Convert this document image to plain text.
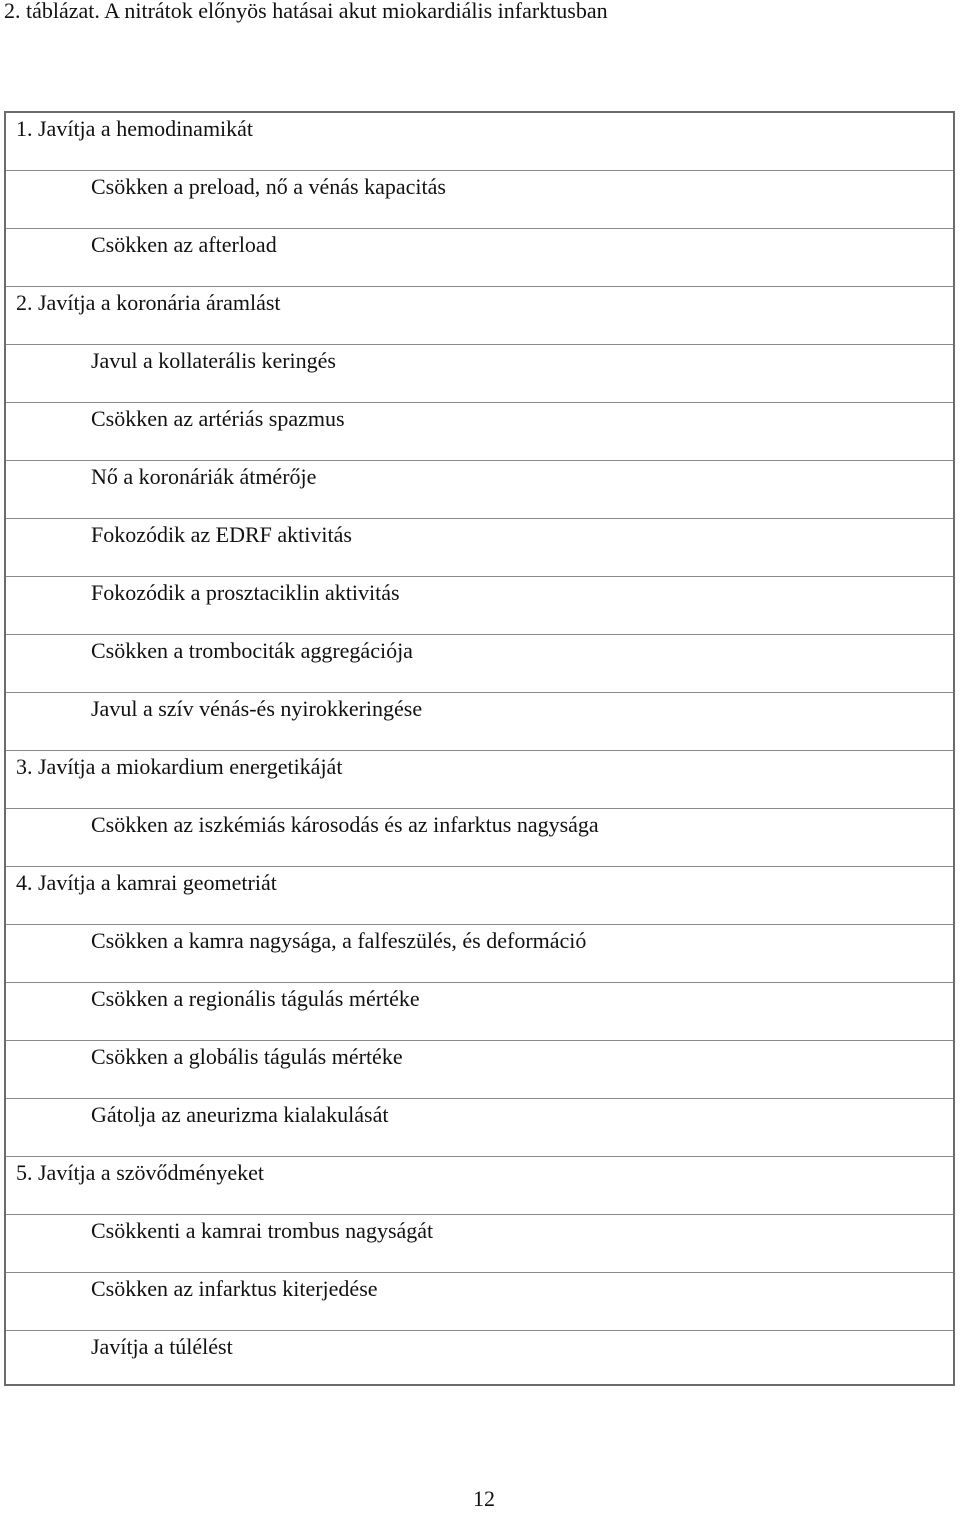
2. táblázat. A nitrátok előnyös hatásai akut miokardiális infarktusban
1. Javítja a hemodinamikát
Csökken a preload, nő a vénás kapacitás
Csökken az afterload
2. Javítja a koronária áramlást
Javul a kollaterális keringés
Csökken az artériás spazmus
Nő a koronáriák átmérője
Fokozódik az EDRF aktivitás
Fokozódik a prosztaciklin aktivitás
Csökken a trombociták aggregációja
Javul a szív vénás-és nyirokkeringése
3. Javítja a miokardium energetikáját
Csökken az iszkémiás károsodás és az infarktus nagysága
4. Javítja a kamrai geometriát
Csökken a kamra nagysága, a falfeszülés, és deformáció
Csökken a regionális tágulás mértéke
Csökken a globális tágulás mértéke
Gátolja az aneurizma kialakulását
5. Javítja a szövődményeket
Csökkenti a kamrai trombus nagyságát
Csökken az infarktus kiterjedése
Javítja a túlélést
12
